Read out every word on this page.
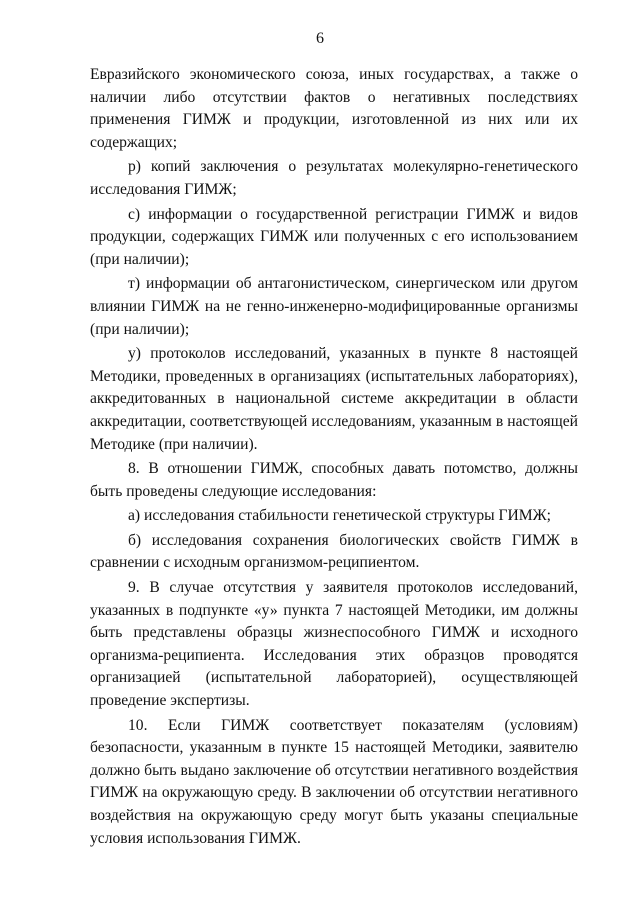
6

Евразийского экономического союза, иных государствах, а также о наличии либо отсутствии фактов о негативных последствиях применения ГИМЖ и продукции, изготовленной из них или их содержащих;

р) копий заключения о результатах молекулярно-генетического исследования ГИМЖ;

с) информации о государственной регистрации ГИМЖ и видов продукции, содержащих ГИМЖ или полученных с его использованием (при наличии);

т) информации об антагонистическом, синергическом или другом влиянии ГИМЖ на не генно-инженерно-модифицированные организмы (при наличии);

у) протоколов исследований, указанных в пункте 8 настоящей Методики, проведенных в организациях (испытательных лабораториях), аккредитованных в национальной системе аккредитации в области аккредитации, соответствующей исследованиям, указанным в настоящей Методике (при наличии).

8. В отношении ГИМЖ, способных давать потомство, должны быть проведены следующие исследования:

а) исследования стабильности генетической структуры ГИМЖ;

б) исследования сохранения биологических свойств ГИМЖ в сравнении с исходным организмом-реципиентом.

9. В случае отсутствия у заявителя протоколов исследований, указанных в подпункте «у» пункта 7 настоящей Методики, им должны быть представлены образцы жизнеспособного ГИМЖ и исходного организма-реципиента. Исследования этих образцов проводятся организацией (испытательной лабораторией), осуществляющей проведение экспертизы.

10. Если ГИМЖ соответствует показателям (условиям) безопасности, указанным в пункте 15 настоящей Методики, заявителю должно быть выдано заключение об отсутствии негативного воздействия ГИМЖ на окружающую среду. В заключении об отсутствии негативного воздействия на окружающую среду могут быть указаны специальные условия использования ГИМЖ.
